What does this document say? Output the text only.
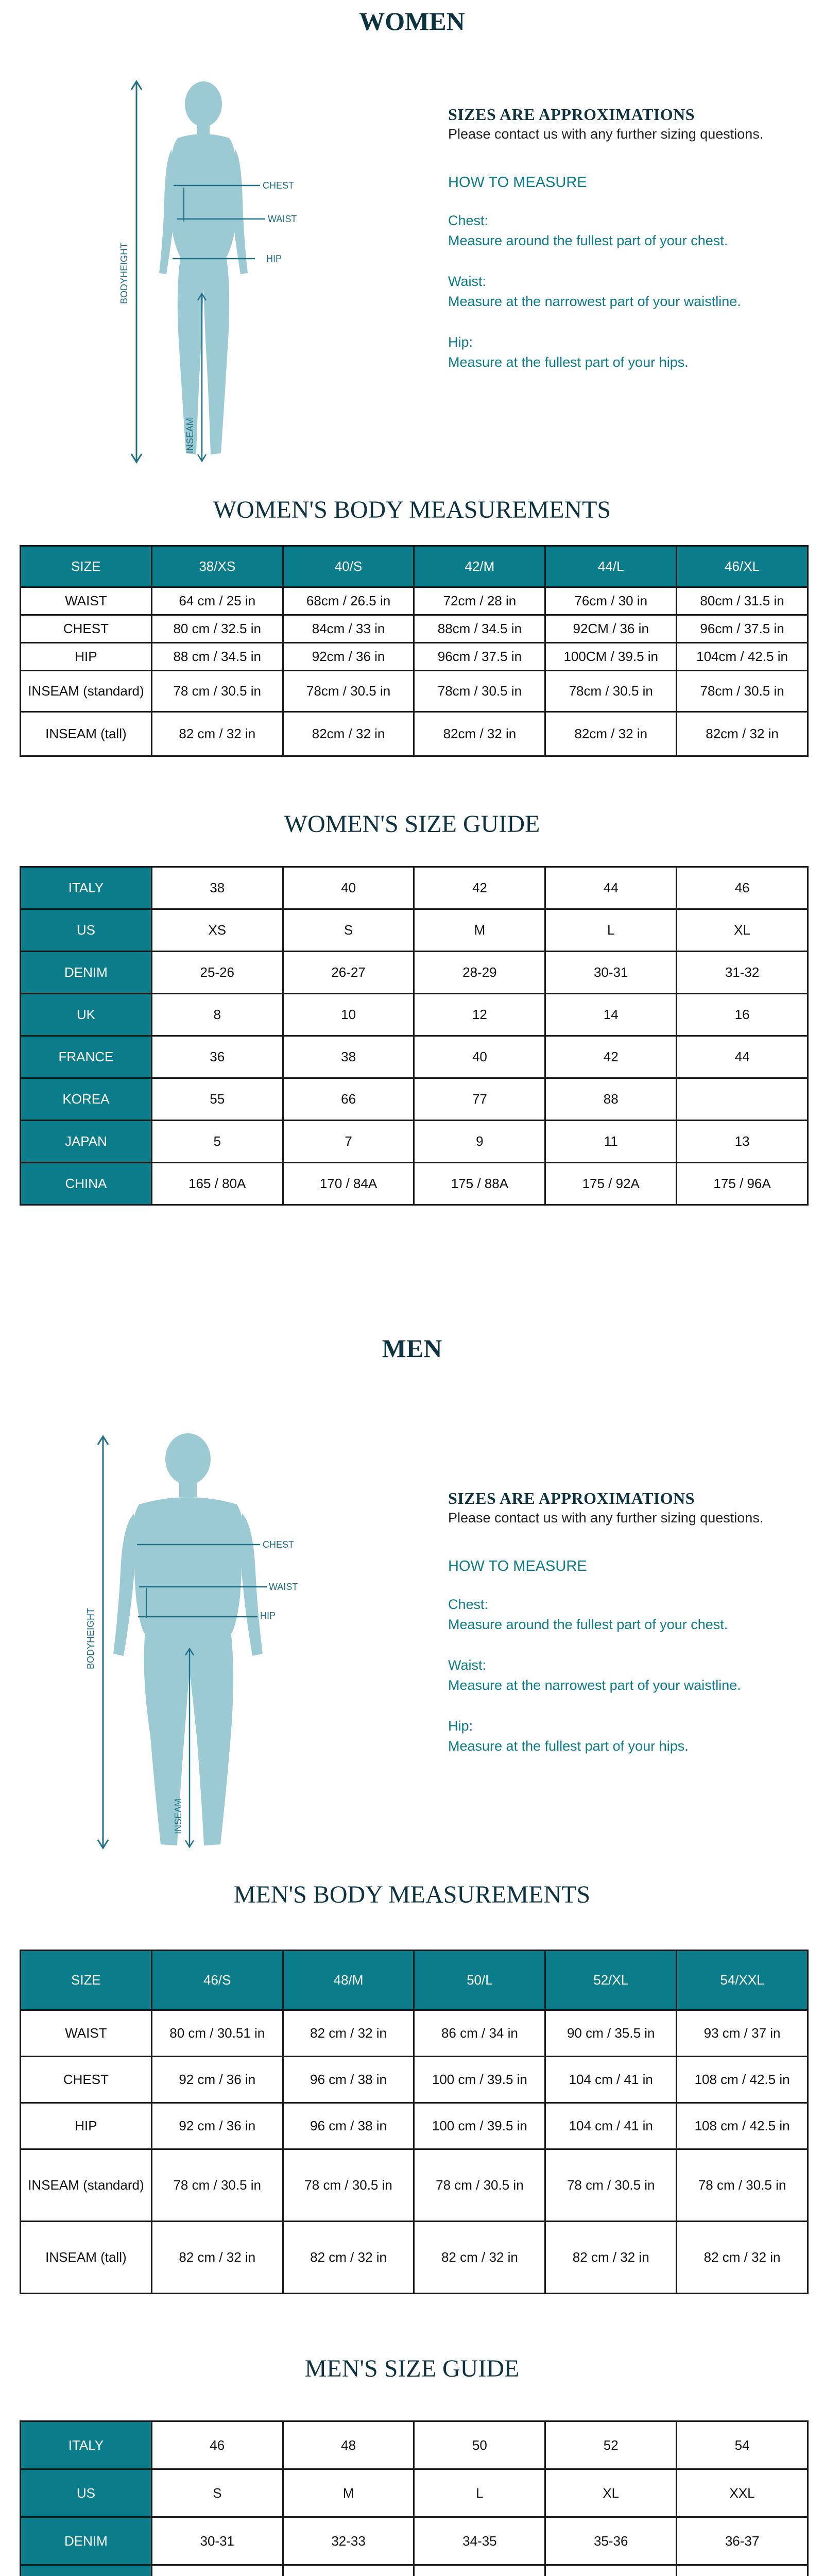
WOMEN
BODYHEIGHT
CHEST
WAIST
HIP
INSEAM
SIZES ARE APPROXIMATIONS
Please contact us with any further sizing questions.
HOW TO MEASURE
Chest:
Measure around the fullest part of your chest.
Waist:
Measure at the narrowest part of your waistline.
Hip:
Measure at the fullest part of your hips.
WOMEN'S BODY MEASUREMENTS
SIZE	38/XS	40/S	42/M	44/L	46/XL
WAIST	64 cm / 25 in	68cm / 26.5 in	72cm / 28 in	76cm / 30 in	80cm / 31.5 in
CHEST	80 cm / 32.5 in	84cm / 33 in	88cm / 34.5 in	92CM / 36 in	96cm / 37.5 in
HIP	88 cm / 34.5 in	92cm / 36 in	96cm / 37.5 in	100CM / 39.5 in	104cm / 42.5 in
INSEAM (standard)	78 cm / 30.5 in	78cm / 30.5 in	78cm / 30.5 in	78cm / 30.5 in	78cm / 30.5 in
INSEAM (tall)	82 cm / 32 in	82cm / 32 in	82cm / 32 in	82cm / 32 in	82cm / 32 in
WOMEN'S SIZE GUIDE
ITALY	38	40	42	44	46
US	XS	S	M	L	XL
DENIM	25-26	26-27	28-29	30-31	31-32
UK	8	10	12	14	16
FRANCE	36	38	40	42	44
KOREA	55	66	77	88	
JAPAN	5	7	9	11	13
CHINA	165 / 80A	170 / 84A	175 / 88A	175 / 92A	175 / 96A
MEN
BODYHEIGHT
CHEST
WAIST
HIP
INSEAM
SIZES ARE APPROXIMATIONS
Please contact us with any further sizing questions.
HOW TO MEASURE
Chest:
Measure around the fullest part of your chest.
Waist:
Measure at the narrowest part of your waistline.
Hip:
Measure at the fullest part of your hips.
MEN'S BODY MEASUREMENTS
SIZE	46/S	48/M	50/L	52/XL	54/XXL
WAIST	80 cm / 30.51 in	82 cm / 32 in	86 cm / 34 in	90 cm / 35.5 in	93 cm / 37 in
CHEST	92 cm / 36 in	96 cm / 38 in	100 cm / 39.5 in	104 cm / 41 in	108 cm / 42.5 in
HIP	92 cm / 36 in	96 cm / 38 in	100 cm / 39.5 in	104 cm / 41 in	108 cm / 42.5 in
INSEAM (standard)	78 cm / 30.5 in	78 cm / 30.5 in	78 cm / 30.5 in	78 cm / 30.5 in	78 cm / 30.5 in
INSEAM (tall)	82 cm / 32 in	82 cm / 32 in	82 cm / 32 in	82 cm / 32 in	82 cm / 32 in
MEN'S SIZE GUIDE
ITALY	46	48	50	52	54
US	S	M	L	XL	XXL
DENIM	30-31	32-33	34-35	35-36	36-37
